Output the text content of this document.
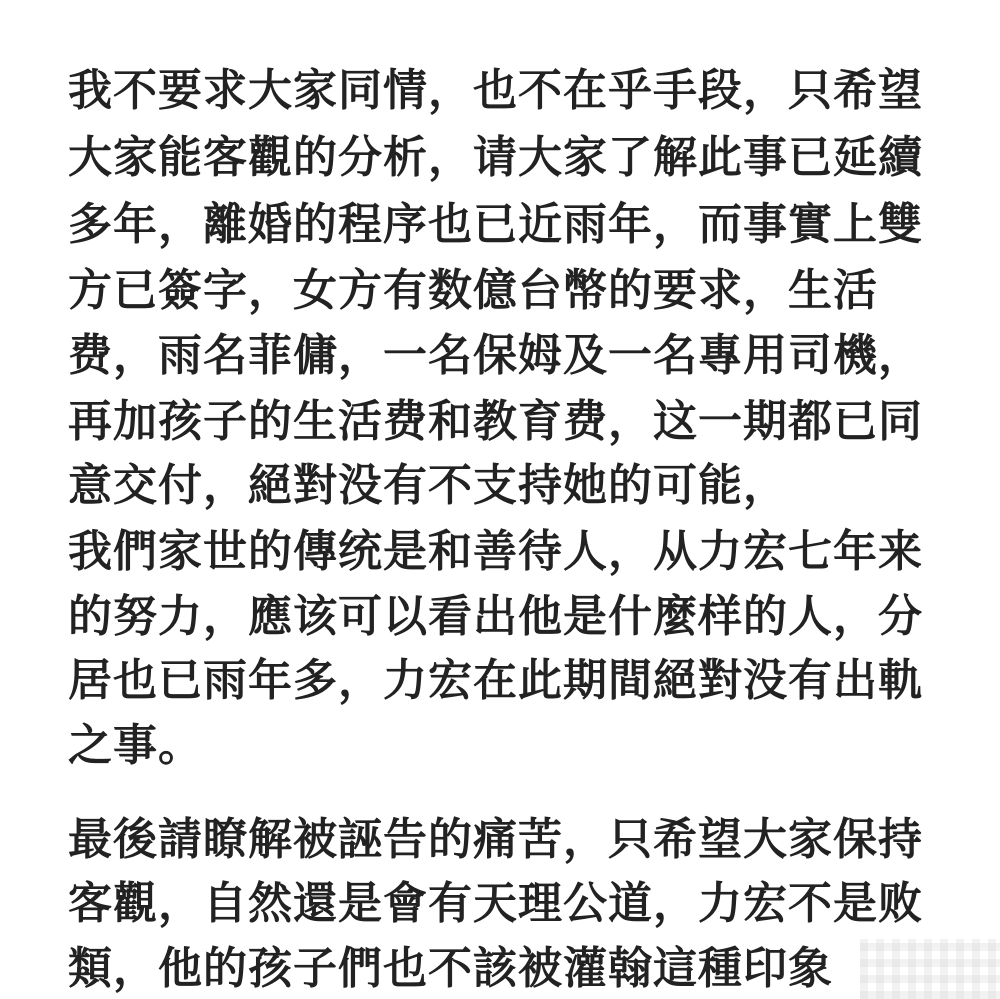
我不要求大家同情，也不在乎手段，只希望

大家能客觀的分析，请大家了解此事已延續

多年，離婚的程序也已近雨年，而事實上雙

方已簽字，女方有数億台幣的要求，生活

费，雨名菲傭，一名保姆及一名專用司機，

再加孩子的生活费和教育费，这一期都已同

意交付，絕對没有不支持她的可能，

我們家世的傳统是和善待人，从力宏七年来

的努力，應该可以看出他是什麼样的人，分

居也已雨年多，力宏在此期間絕對没有出軌

之事。

最後請瞭解被誣告的痛苦，只希望大家保持

客觀，自然還是會有天理公道，力宏不是败

類，他的孩子們也不該被灌翰這種印象
